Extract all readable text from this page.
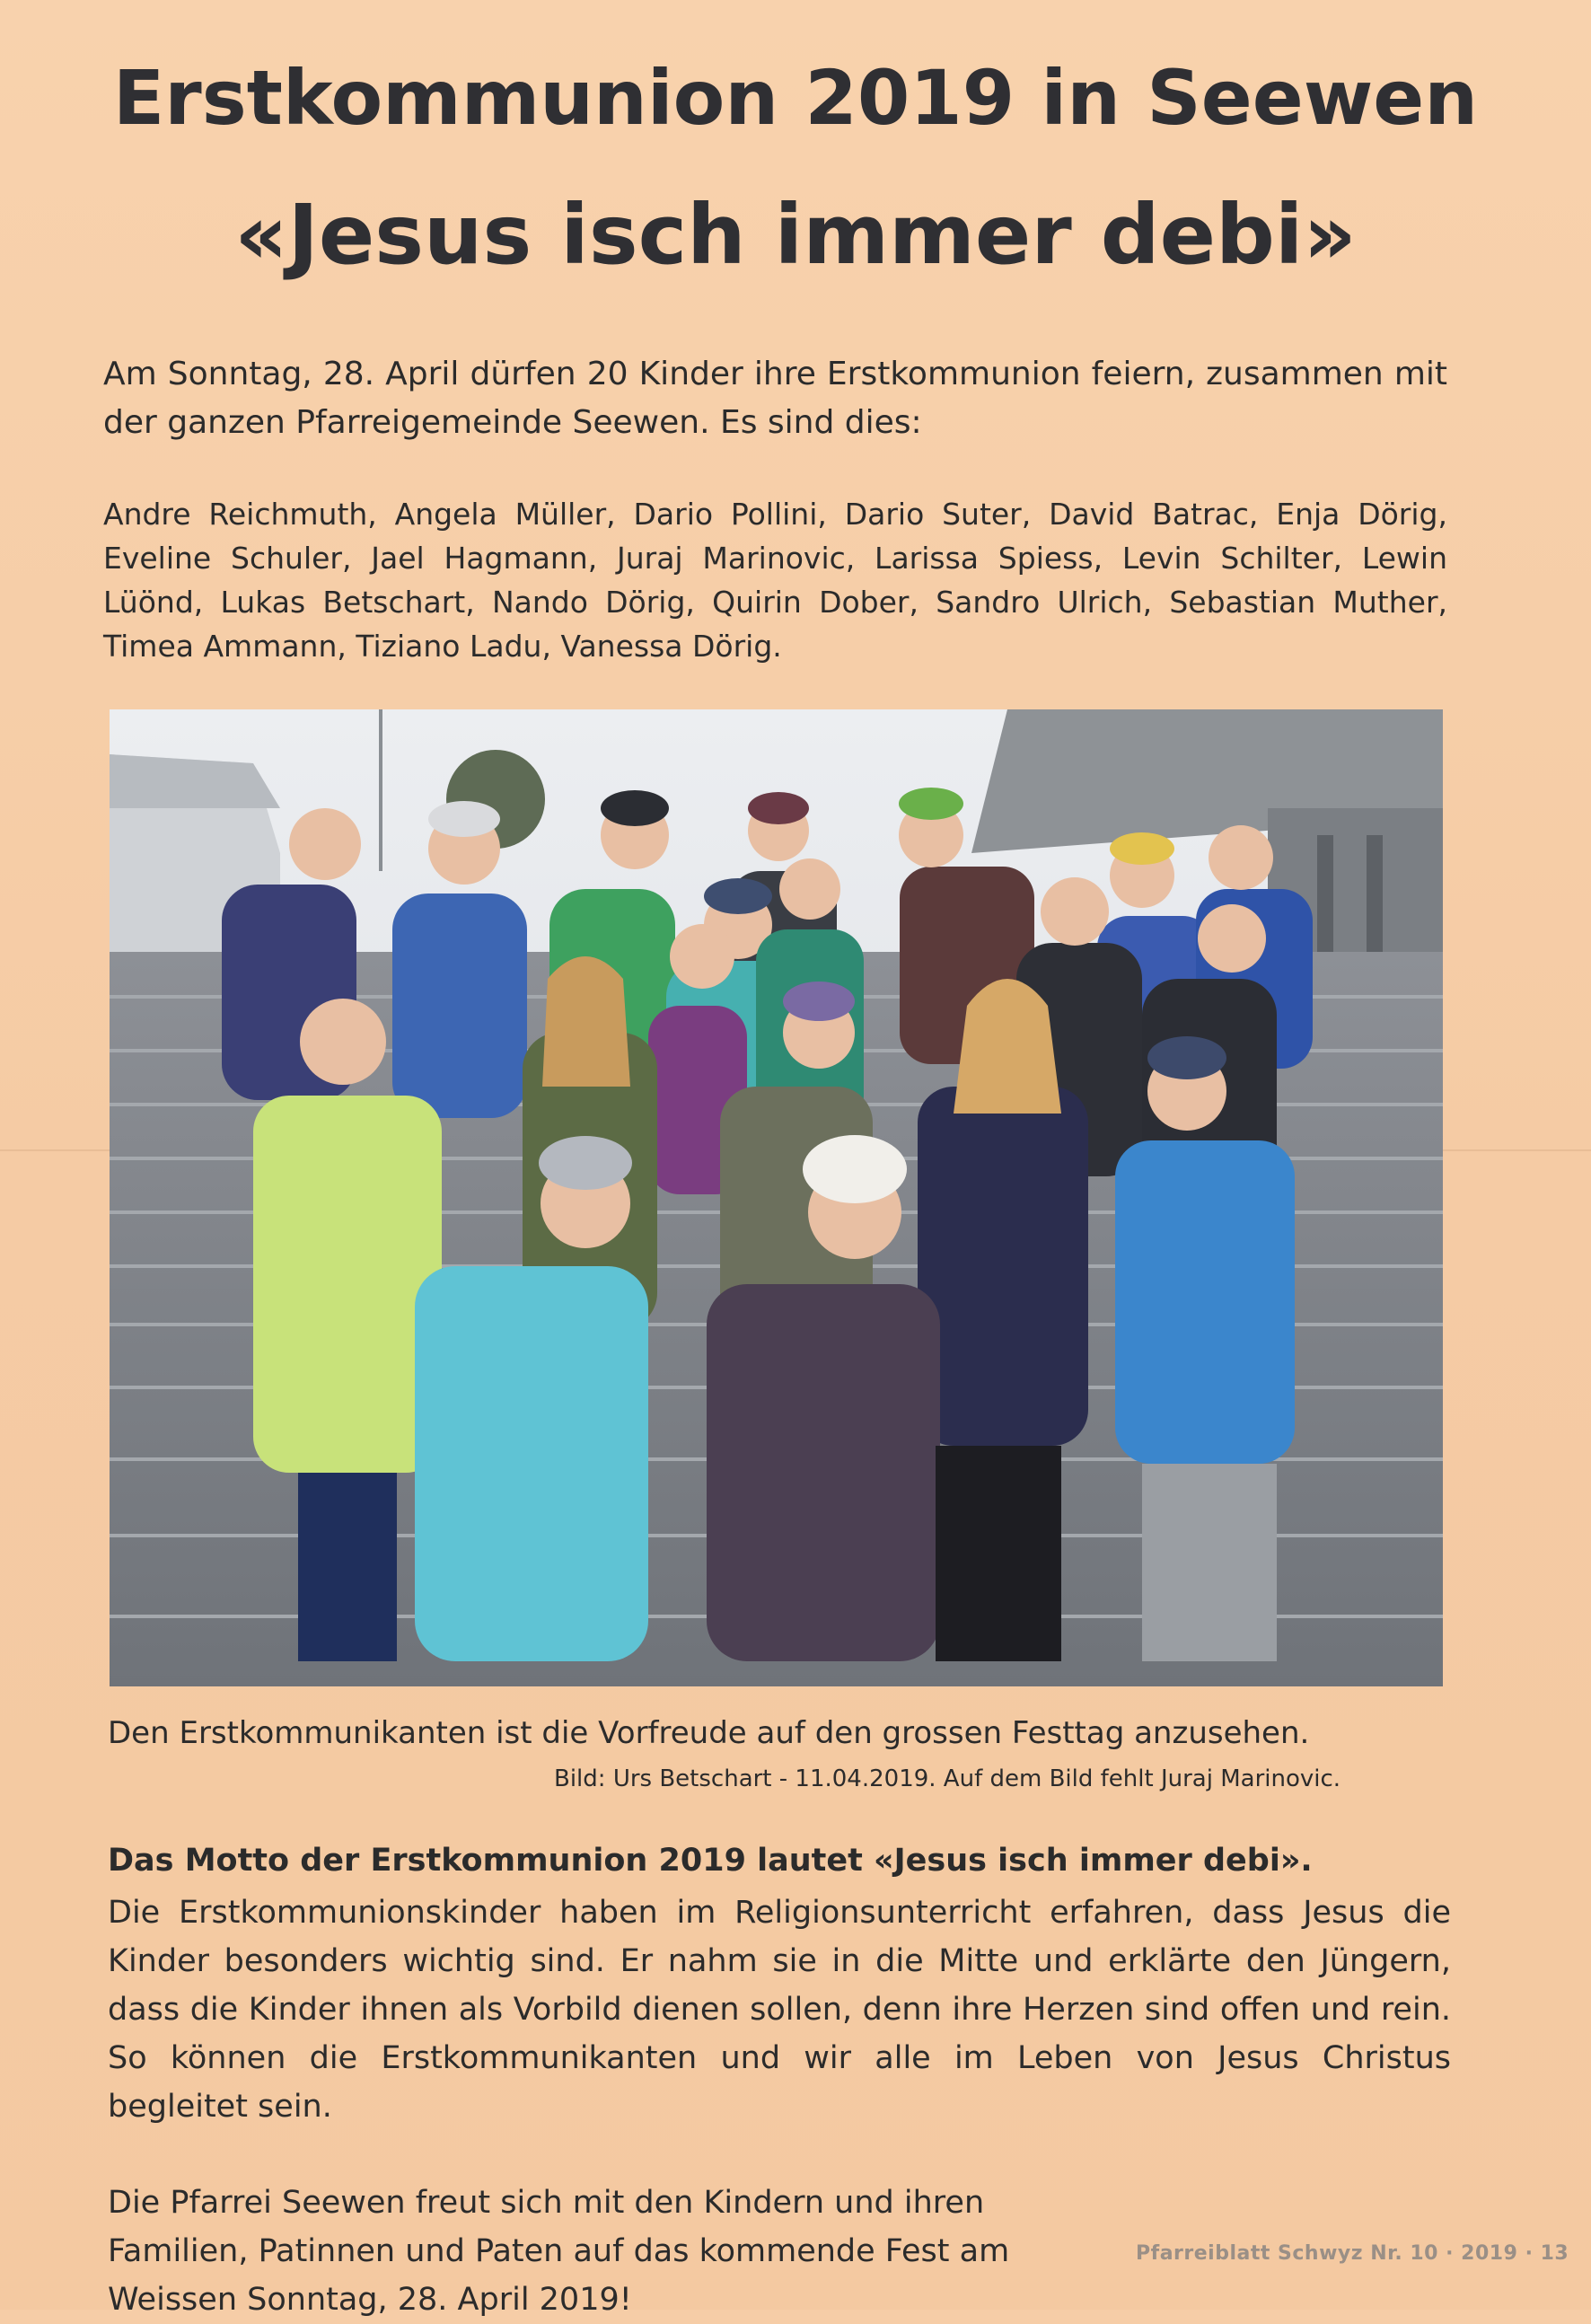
Erstkommunion 2019 in Seewen
«Jesus isch immer debi»

Am Sonntag, 28. April dürfen 20 Kinder ihre Erstkommunion feiern, zusammen mit der ganzen Pfarreigemeinde Seewen. Es sind dies:

Andre Reichmuth, Angela Müller, Dario Pollini, Dario Suter, David Batrac, Enja Dörig, Eveline Schuler, Jael Hagmann, Juraj Marinovic, Larissa Spiess, Levin Schilter, Lewin Lüönd, Lukas Betschart, Nando Dörig, Quirin Dober, Sandro Ulrich, Sebastian Muther, Timea Ammann, Tiziano Ladu, Vanessa Dörig.

Den Erstkommunikanten ist die Vorfreude auf den grossen Festtag anzusehen.

Bild: Urs Betschart - 11.04.2019. Auf dem Bild fehlt Juraj Marinovic.

Das Motto der Erstkommunion 2019 lautet «Jesus isch immer debi».

Die Erstkommunionskinder haben im Religionsunterricht erfahren, dass Jesus die Kinder besonders wichtig sind. Er nahm sie in die Mitte und erklärte den Jüngern, dass die Kinder ihnen als Vorbild dienen sollen, denn ihre Herzen sind offen und rein. So können die Erstkommunikanten und wir alle im Leben von Jesus Christus begleitet sein.

Die Pfarrei Seewen freut sich mit den Kindern und ihren Familien, Patinnen und Paten auf das kommende Fest am Weissen Sonntag, 28. April 2019!

Pfarreiblatt Schwyz Nr. 10 · 2019 · 13
